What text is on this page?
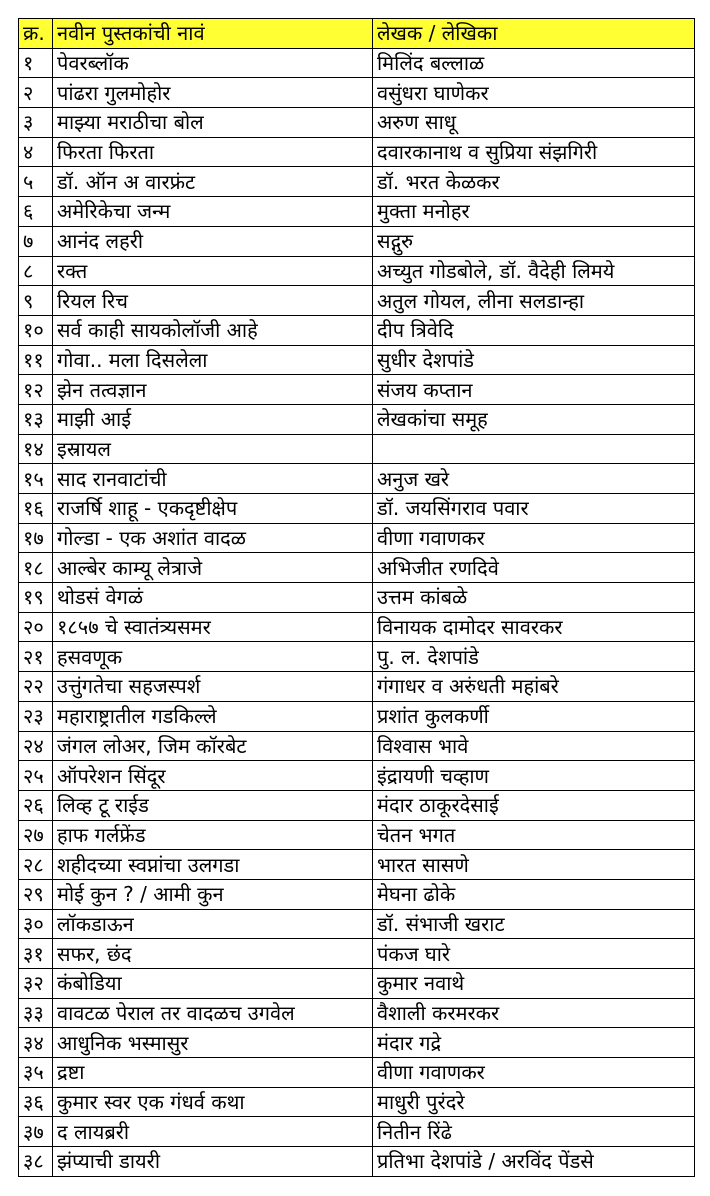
क्र.	नवीन पुस्तकांची नावं	लेखक / लेखिका
१	पेवरब्लॉक	मिलिंद बल्लाळ
२	पांढरा गुलमोहोर	वसुंधरा घाणेकर
३	माझ्या मराठीचा बोल	अरुण साधू
४	फिरता फिरता	दवारकानाथ व सुप्रिया संझगिरी
५	डॉ. ऑन अ वारफ्रंट	डॉ. भरत केळकर
६	अमेरिकेचा जन्म	मुक्ता मनोहर
७	आनंद लहरी	सद्गुरु
८	रक्त	अच्युत गोडबोले, डॉ. वैदेही लिमये
९	रियल रिच	अतुल गोयल, लीना सलडान्हा
१०	सर्व काही सायकोलॉजी आहे	दीप त्रिवेदि
११	गोवा.. मला दिसलेला	सुधीर देशपांडे
१२	झेन तत्वज्ञान	संजय कप्तान
१३	माझी आई	लेखकांचा समूह
१४	इस्रायल	
१५	साद रानवाटांची	अनुज खरे
१६	राजर्षि शाहू - एकदृष्टीक्षेप	डॉ. जयसिंगराव पवार
१७	गोल्डा - एक अशांत वादळ	वीणा गवाणकर
१८	आल्बेर काम्यू लेत्राजे	अभिजीत रणदिवे
१९	थोडसं वेगळं	उत्तम कांबळे
२०	१८५७ चे स्वातंत्र्यसमर	विनायक दामोदर सावरकर
२१	हसवणूक	पु. ल. देशपांडे
२२	उत्तुंगतेचा सहजस्पर्श	गंगाधर व अरुंधती महांबरे
२३	महाराष्ट्रातील गडकिल्ले	प्रशांत कुलकर्णी
२४	जंगल लोअर, जिम कॉरबेट	विश्वास भावे
२५	ऑपरेशन सिंदूर	इंद्रायणी चव्हाण
२६	लिव्ह टू राईड	मंदार ठाकूरदेसाई
२७	हाफ गर्लफ्रेंड	चेतन भगत
२८	शहीदच्या स्वप्नांचा उलगडा	भारत सासणे
२९	मोई कुन ? / आमी कुन	मेघना ढोके
३०	लॉकडाऊन	डॉ. संभाजी खराट
३१	सफर, छंद	पंकज घारे
३२	कंबोडिया	कुमार नवाथे
३३	वावटळ पेराल तर वादळच उगवेल	वैशाली करमरकर
३४	आधुनिक भस्मासुर	मंदार गद्रे
३५	द्रष्टा	वीणा गवाणकर
३६	कुमार स्वर एक गंधर्व कथा	माधुरी पुरंदरे
३७	द लायब्ररी	नितीन रिंढे
३८	झंप्याची डायरी	प्रतिभा देशपांडे / अरविंद पेंडसे
